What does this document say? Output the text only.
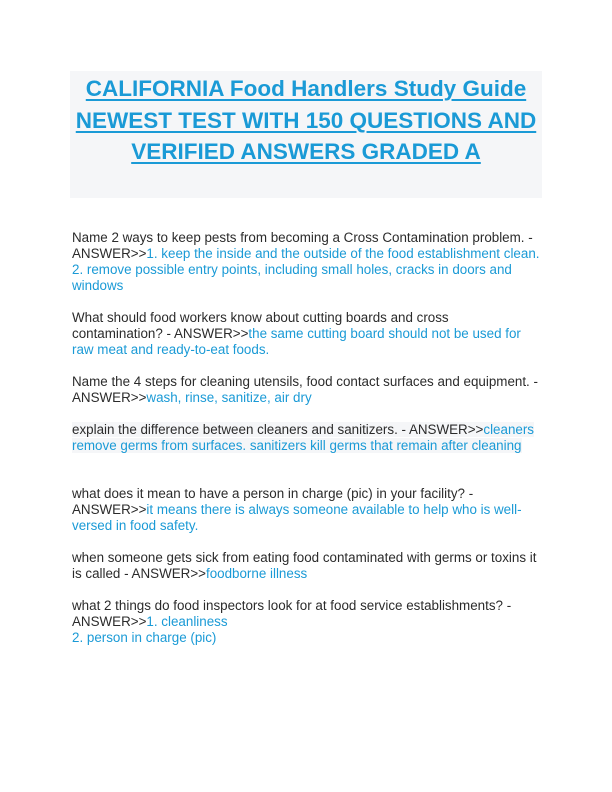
CALIFORNIA Food Handlers Study Guide NEWEST TEST WITH 150 QUESTIONS AND VERIFIED ANSWERS GRADED A
Name 2 ways to keep pests from becoming a Cross Contamination problem. - ANSWER>>1. keep the inside and the outside of the food establishment clean.
2. remove possible entry points, including small holes, cracks in doors and windows
What should food workers know about cutting boards and cross contamination? - ANSWER>>the same cutting board should not be used for raw meat and ready-to-eat foods.
Name the 4 steps for cleaning utensils, food contact surfaces and equipment. - ANSWER>>wash, rinse, sanitize, air dry
explain the difference between cleaners and sanitizers. - ANSWER>>cleaners remove germs from surfaces. sanitizers kill germs that remain after cleaning
what does it mean to have a person in charge (pic) in your facility? - ANSWER>>it means there is always someone available to help who is well-versed in food safety.
when someone gets sick from eating food contaminated with germs or toxins it is called - ANSWER>>foodborne illness
what 2 things do food inspectors look for at food service establishments? - ANSWER>>1. cleanliness
2. person in charge (pic)
